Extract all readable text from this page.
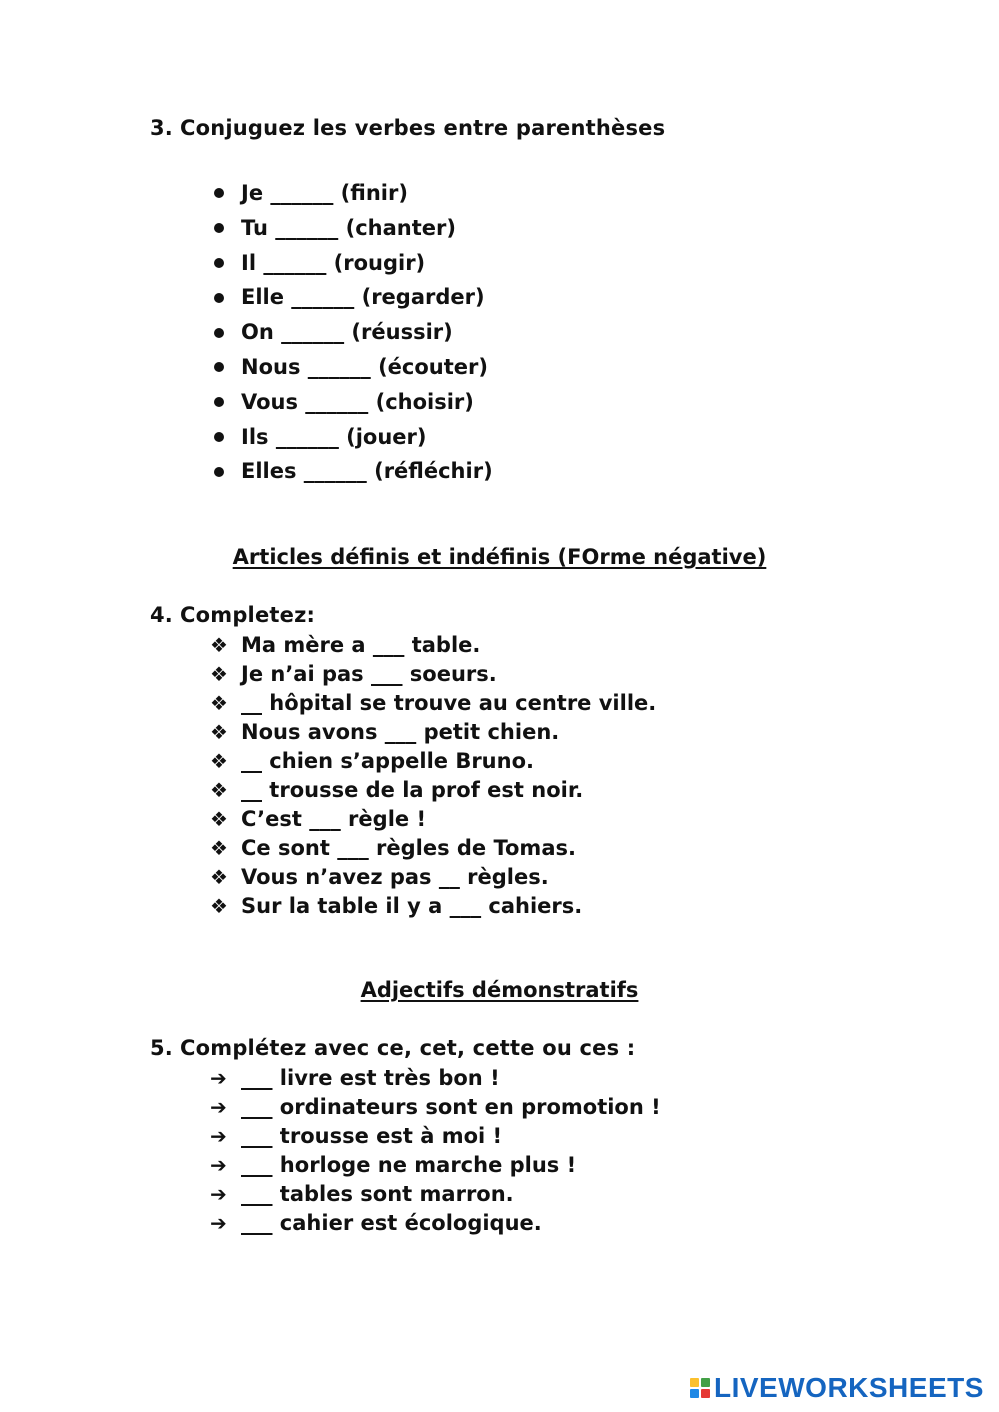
3. Conjuguez les verbes entre parenthèses
Je ______ (finir)
Tu ______ (chanter)
Il ______ (rougir)
Elle ______ (regarder)
On ______ (réussir)
Nous ______ (écouter)
Vous ______ (choisir)
Ils ______ (jouer)
Elles ______ (réfléchir)
Articles définis et indéfinis (FOrme négative)
4. Completez:
❖ Ma mère a ___ table.
❖ Je n’ai pas ___ soeurs.
❖ __ hôpital se trouve au centre ville.
❖ Nous avons ___ petit chien.
❖ __ chien s’appelle Bruno.
❖ __ trousse de la prof est noir.
❖ C’est ___ règle !
❖ Ce sont ___ règles de Tomas.
❖ Vous n’avez pas __ règles.
❖ Sur la table il y a ___ cahiers.
Adjectifs démonstratifs
5. Complétez avec ce, cet, cette ou ces :
➔ ___ livre est très bon !
➔ ___ ordinateurs sont en promotion !
➔ ___ trousse est à moi !
➔ ___ horloge ne marche plus !
➔ ___ tables sont marron.
➔ ___ cahier est écologique.
LIVEWORKSHEETS
